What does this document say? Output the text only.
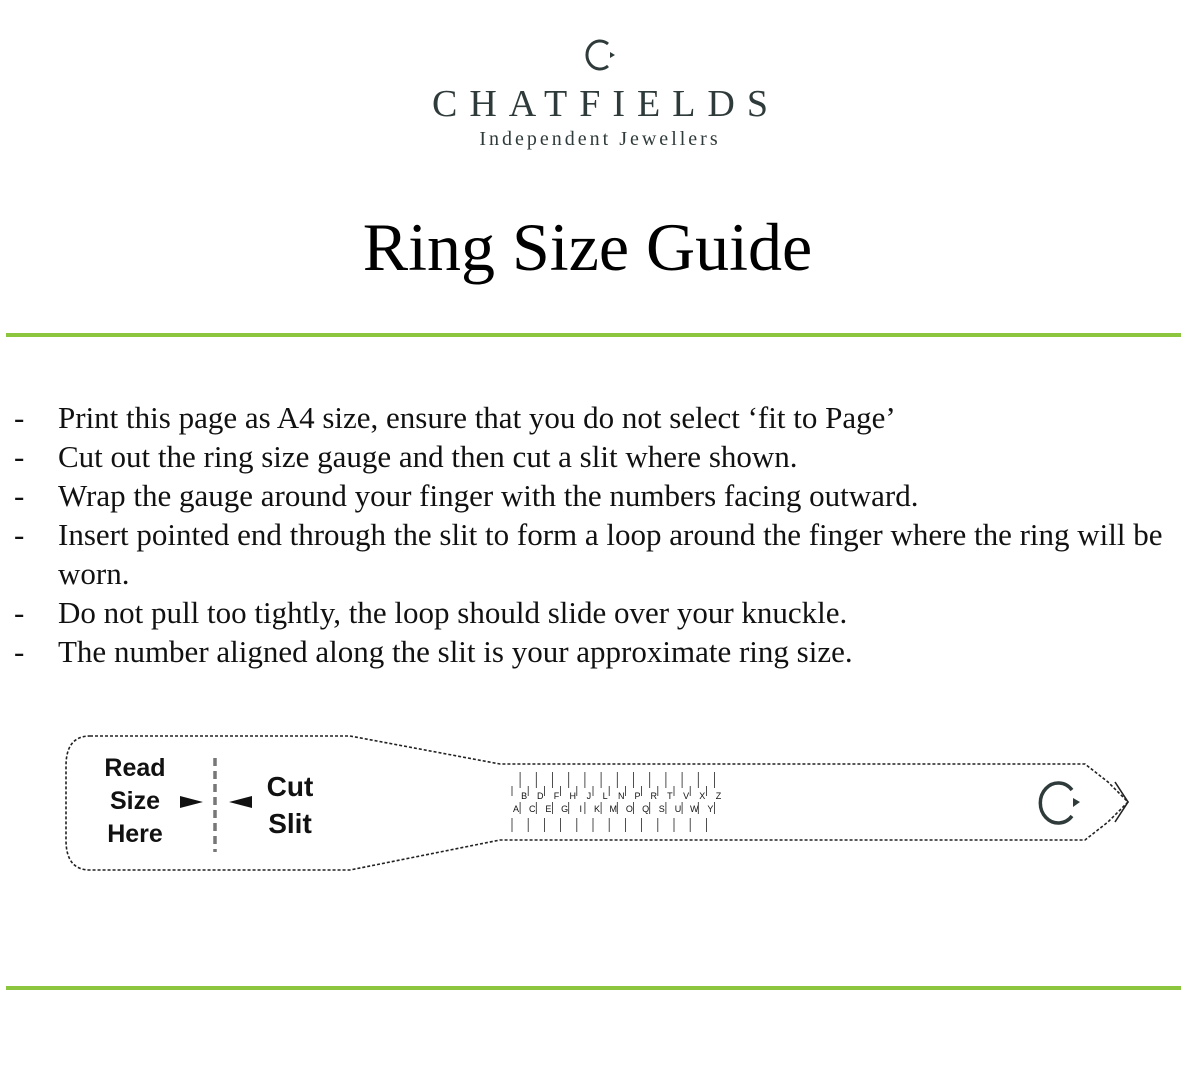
CHATFIELDS
Independent Jewellers
Ring Size Guide
- Print this page as A4 size, ensure that you do not select ‘fit to Page’
- Cut out the ring size gauge and then cut a slit where shown.
- Wrap the gauge around your finger with the numbers facing outward.
- Insert pointed end through the slit to form a loop around the finger where the ring will be worn.
- Do not pull too tightly, the loop should slide over your knuckle.
- The number aligned along the slit is your approximate ring size.
A
B
C
D
E
F
G
H
I
J
K
L
M
N
O
P
Q
R
S
T
U
V
W
X
Y
Z
Read
Size
Here
Cut
Slit
